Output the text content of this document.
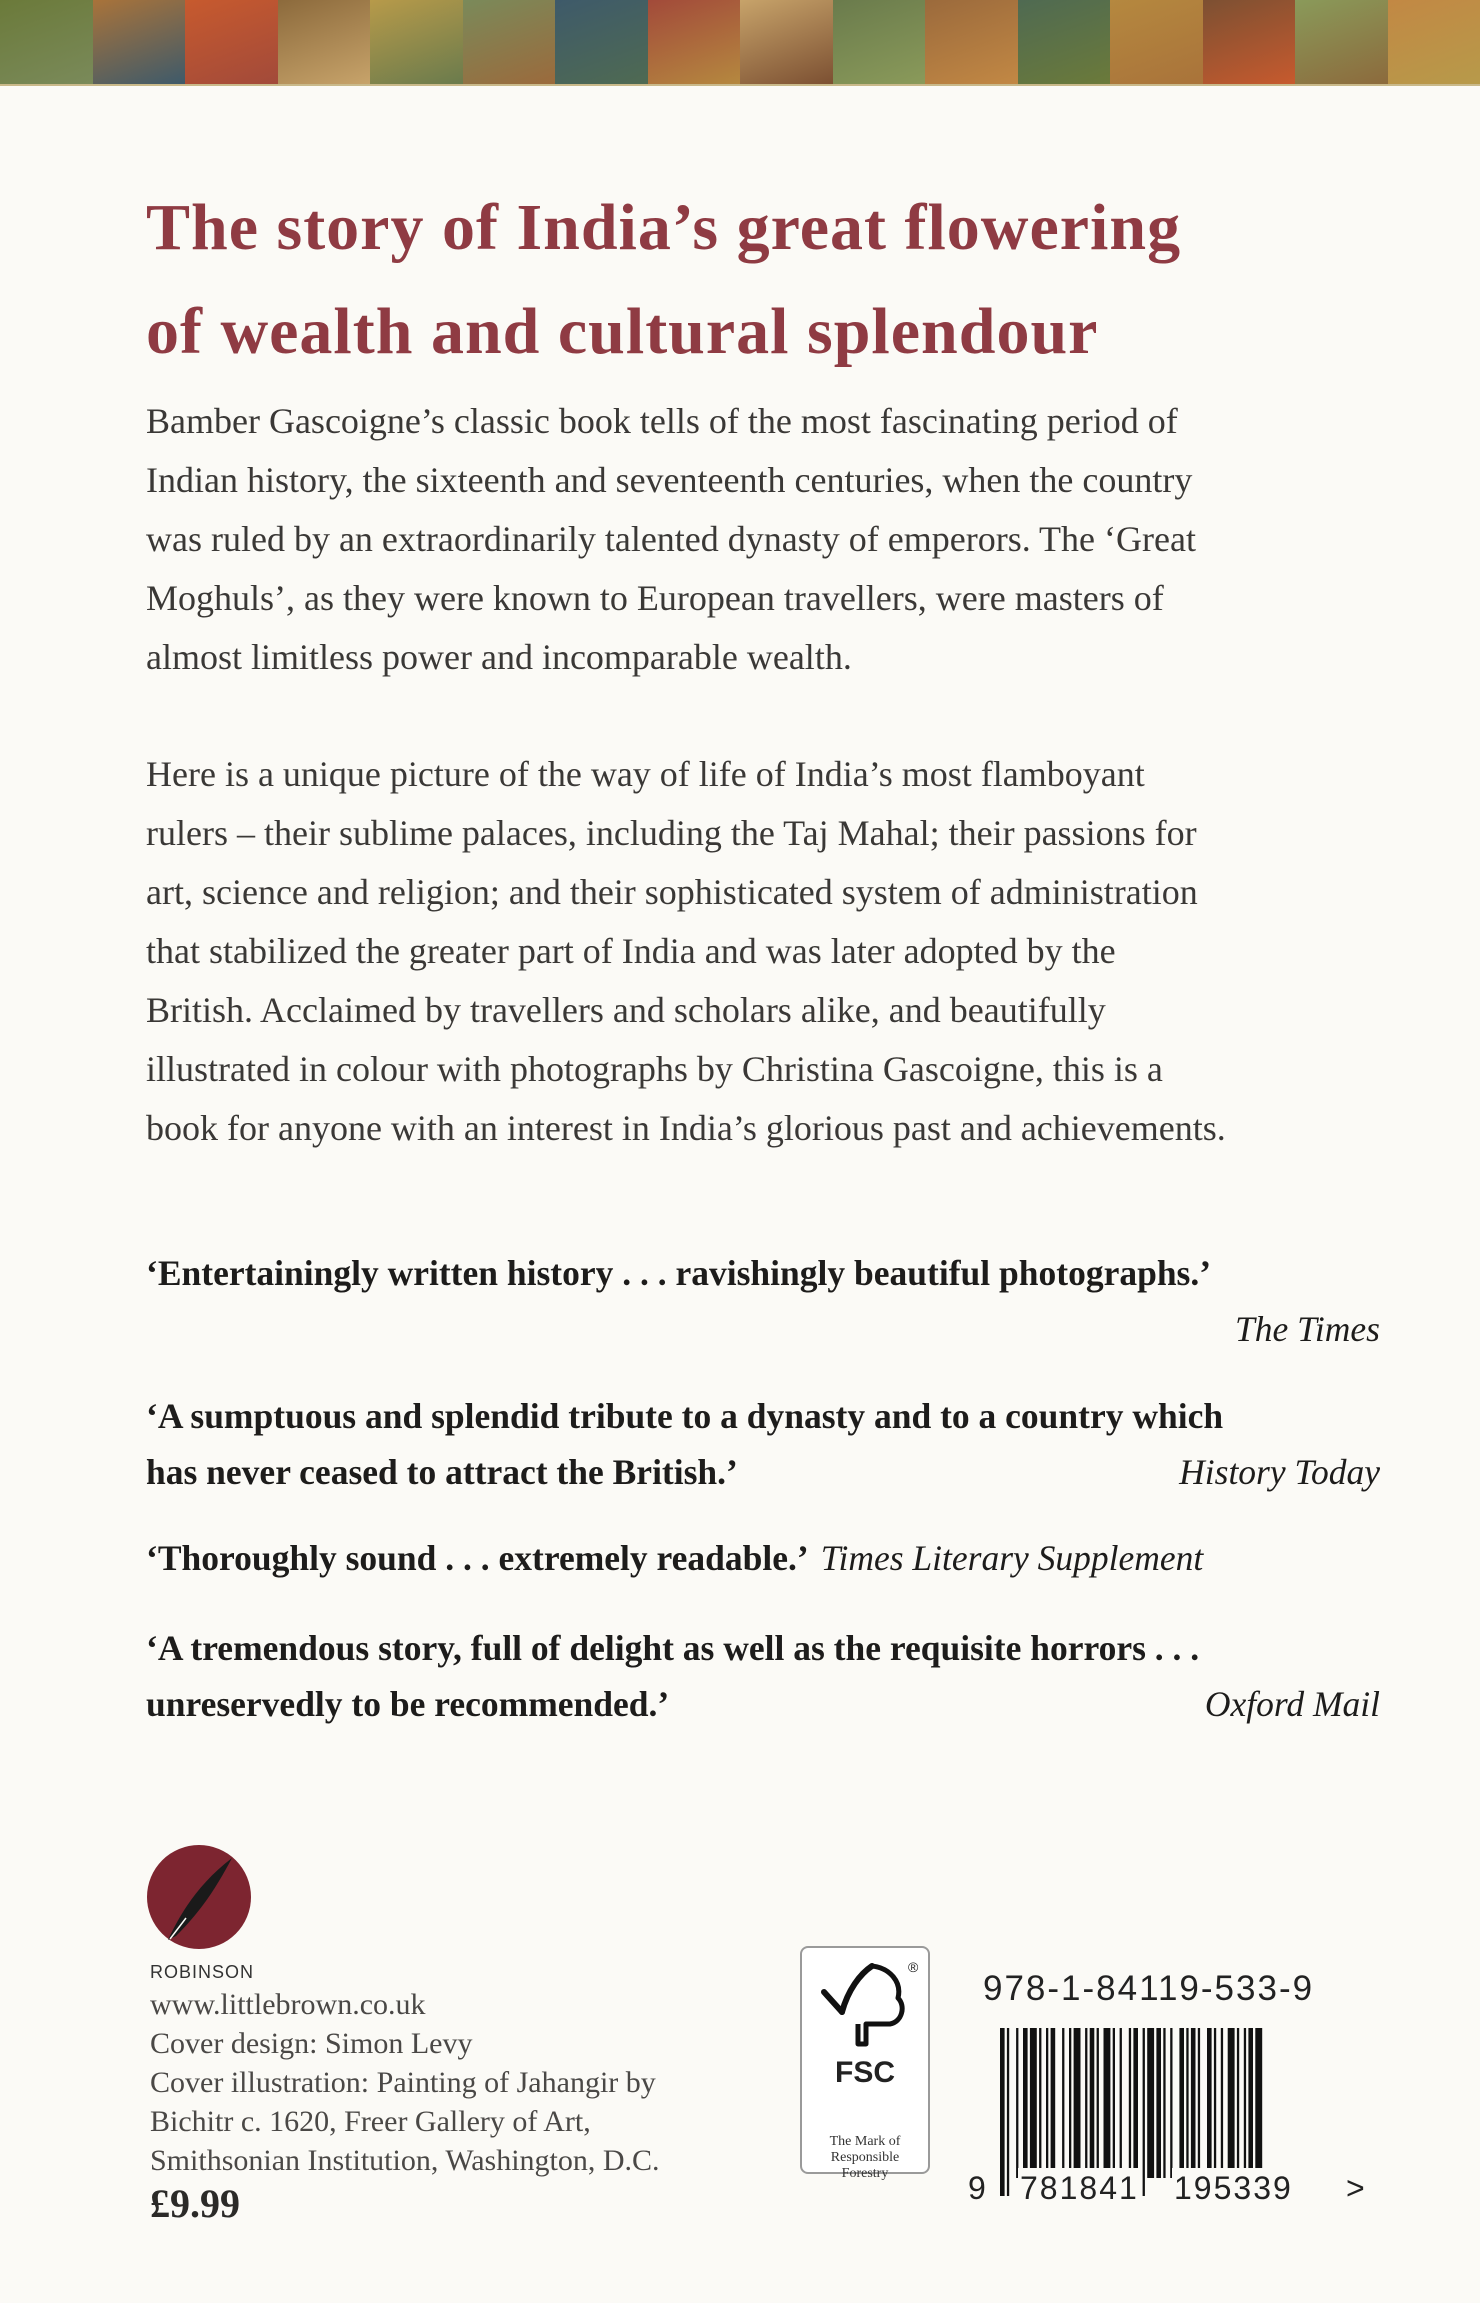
The story of India’s great flowering
of wealth and cultural splendour
Bamber Gascoigne’s classic book tells of the most fascinating period of
Indian history, the sixteenth and seventeenth centuries, when the country
was ruled by an extraordinarily talented dynasty of emperors. The ‘Great
Moghuls’, as they were known to European travellers, were masters of
almost limitless power and incomparable wealth.
Here is a unique picture of the way of life of India’s most flamboyant
rulers – their sublime palaces, including the Taj Mahal; their passions for
art, science and religion; and their sophisticated system of administration
that stabilized the greater part of India and was later adopted by the
British. Acclaimed by travellers and scholars alike, and beautifully
illustrated in colour with photographs by Christina Gascoigne, this is a
book for anyone with an interest in India’s glorious past and achievements.
‘Entertainingly written history . . . ravishingly beautiful photographs.’
The Times
‘A sumptuous and splendid tribute to a dynasty and to a country which
has never ceased to attract the British.’	History Today
‘Thoroughly sound . . . extremely readable.’ Times Literary Supplement
‘A tremendous story, full of delight as well as the requisite horrors . . .
unreservedly to be recommended.’	Oxford Mail
ROBINSON
www.littlebrown.co.uk
Cover design: Simon Levy
Cover illustration: Painting of Jahangir by
Bichitr c. 1620, Freer Gallery of Art,
Smithsonian Institution, Washington, D.C.
£9.99
®
FSC
The Mark of
Responsible
Forestry
978-1-84119-533-9
9 781841 195339 >
